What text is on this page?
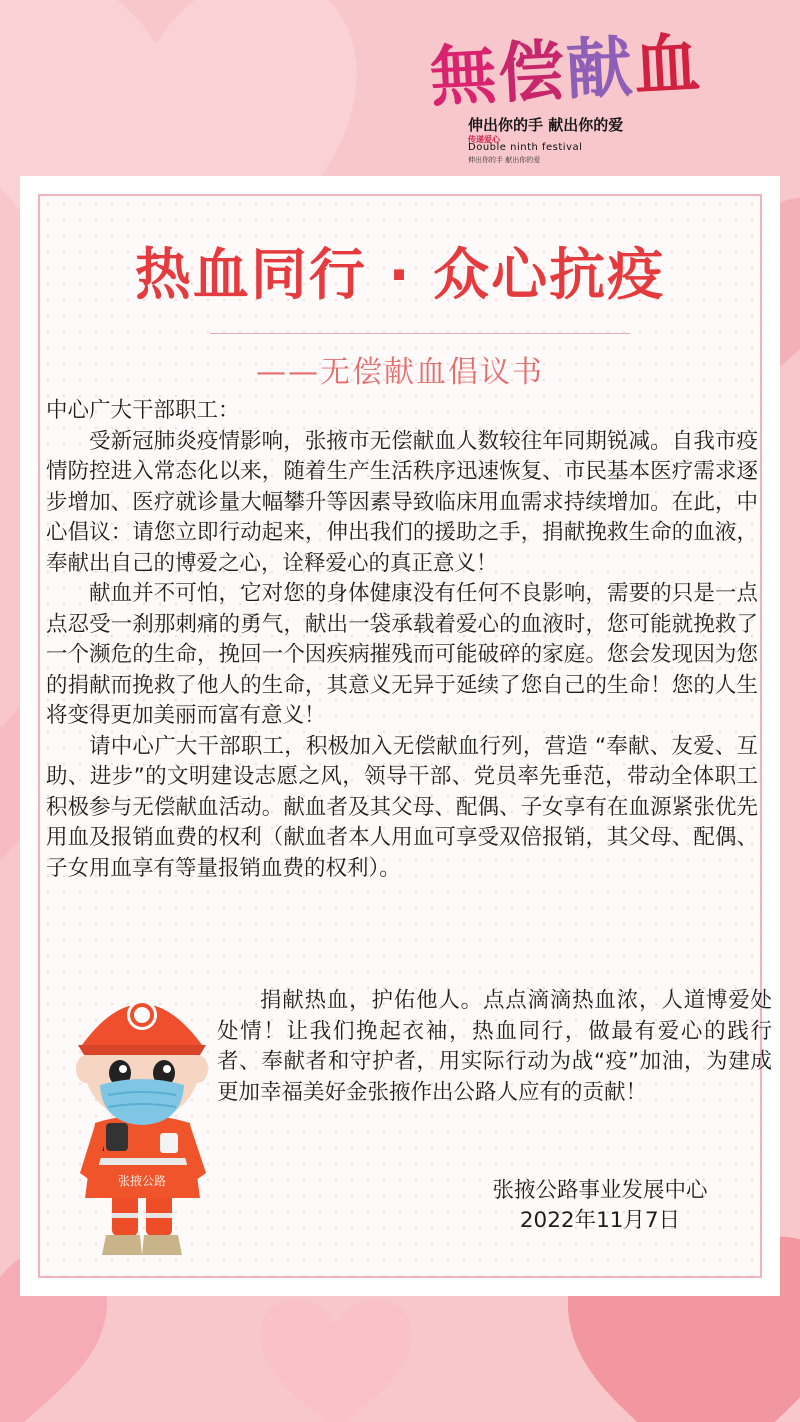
無偿献血
伸出你的手 献出你的爱
传递爱心
Double ninth festival
伸出你的手 献出你的爱
热血同行 · 众心抗疫
——无偿献血倡议书

中心广大干部职工：

受新冠肺炎疫情影响，张掖市无偿献血人数较往年同期锐减。自我市疫情防控进入常态化以来，随着生产生活秩序迅速恢复、市民基本医疗需求逐步增加、医疗就诊量大幅攀升等因素导致临床用血需求持续增加。在此，中心倡议：请您立即行动起来，伸出我们的援助之手，捐献挽救生命的血液，奉献出自己的博爱之心，诠释爱心的真正意义！

献血并不可怕，它对您的身体健康没有任何不良影响，需要的只是一点点忍受一刹那刺痛的勇气，献出一袋承载着爱心的血液时，您可能就挽救了一个濒危的生命，挽回一个因疾病摧残而可能破碎的家庭。您会发现因为您的捐献而挽救了他人的生命，其意义无异于延续了您自己的生命！您的人生将变得更加美丽而富有意义！

请中心广大干部职工，积极加入无偿献血行列，营造 “奉献、友爱、互助、进步”的文明建设志愿之风，领导干部、党员率先垂范，带动全体职工积极参与无偿献血活动。献血者及其父母、配偶、子女享有在血源紧张优先用血及报销血费的权利（献血者本人用血可享受双倍报销，其父母、配偶、子女用血享有等量报销血费的权利）。

捐献热血，护佑他人。点点滴滴热血浓，人道博爱处处情！让我们挽起衣袖，热血同行，做最有爱心的践行者、奉献者和守护者，用实际行动为战“疫”加油，为建成更加幸福美好金张掖作出公路人应有的贡献！

张掖公路	张掖公路事业发展中心
2022年11月7日
